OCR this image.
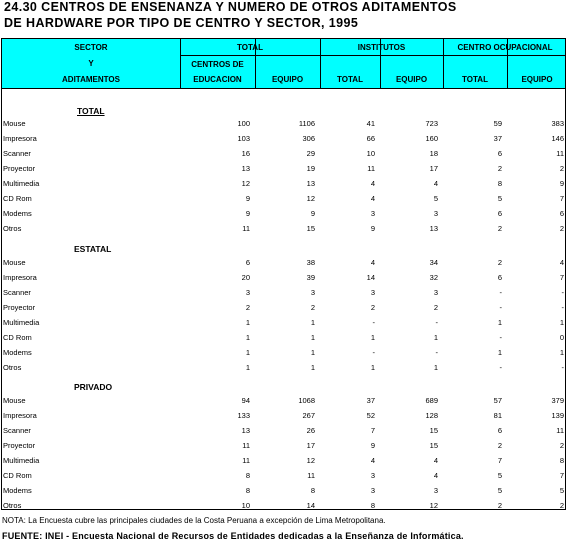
24.30 CENTROS DE ENSENANZA Y NUMERO DE OTROS ADITAMENTOS
DE HARDWARE POR TIPO DE CENTRO Y SECTOR, 1995
SECTOR
Y
ADITAMENTOS
TOTAL	INSTITUTOS	CENTRO OCUPACIONAL
CENTROS DE
EDUCACION	EQUIPO	TOTAL	EQUIPO	TOTAL	EQUIPO
TOTAL
Mouse	100	1106	41	723	59	383
Impresora	103	306	66	160	37	146
Scanner	16	29	10	18	6	11
Proyector	13	19	11	17	2	2
Multimedia	12	13	4	4	8	9
CD Rom	9	12	4	5	5	7
Modems	9	9	3	3	6	6
Otros	11	15	9	13	2	2
ESTATAL
Mouse	6	38	4	34	2	4
Impresora	20	39	14	32	6	7
Scanner	3	3	3	3	-	-
Proyector	2	2	2	2	-	-
Multimedia	1	1	-	-	1	1
CD Rom	1	1	1	1	-	0
Modems	1	1	-	-	1	1
Otros	1	1	1	1	-	-
PRIVADO
Mouse	94	1068	37	689	57	379
Impresora	133	267	52	128	81	139
Scanner	13	26	7	15	6	11
Proyector	11	17	9	15	2	2
Multimedia	11	12	4	4	7	8
CD Rom	8	11	3	4	5	7
Modems	8	8	3	3	5	5
Otros	10	14	8	12	2	2
NOTA: La Encuesta cubre las principales ciudades de la Costa Peruana a excepción de Lima Metropolitana.
FUENTE: INEI - Encuesta Nacional de Recursos de Entidades dedicadas a la Enseñanza de Informática.
